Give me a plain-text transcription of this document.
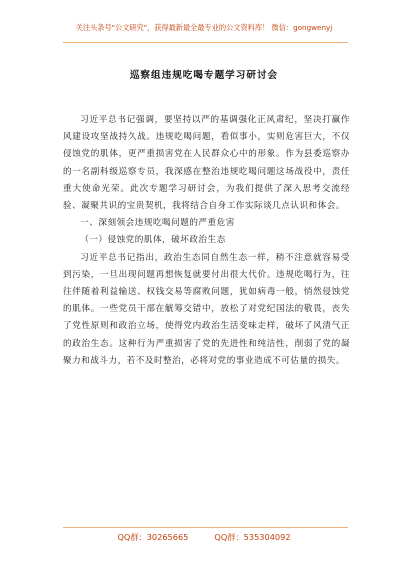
关注头条号"公文研究"，获得最新最全最专业的公文资料库！ 微信：gongwenyj
巡察组违规吃喝专题学习研讨会

习近平总书记强调，要坚持以严的基调强化正风肃纪，坚决打赢作风建设攻坚战持久战。违规吃喝问题，看似事小，实则危害巨大，不仅侵蚀党的肌体，更严重损害党在人民群众心中的形象。作为县委巡察办的一名副科级巡察专员，我深感在整治违规吃喝问题这场战役中，责任重大使命光荣。此次专题学习研讨会，为我们提供了深入思考交流经验、凝聚共识的宝贵契机，我将结合自身工作实际谈几点认识和体会。

一、深刻领会违规吃喝问题的严重危害

（一）侵蚀党的肌体，破坏政治生态

习近平总书记指出，政治生态同自然生态一样，稍不注意就容易受到污染，一旦出现问题再想恢复就要付出很大代价。违规吃喝行为，往往伴随着利益输送、权钱交易等腐败问题，犹如病毒一般，悄然侵蚀党的肌体。一些党员干部在觥筹交错中，放松了对党纪国法的敬畏，丧失了党性原则和政治立场，使得党内政治生活变味走样，破坏了风清气正的政治生态。这种行为严重损害了党的先进性和纯洁性，削弱了党的凝聚力和战斗力，若不及时整治，必将对党的事业造成不可估量的损失。

QQ群：30265665	QQ群：535304092
